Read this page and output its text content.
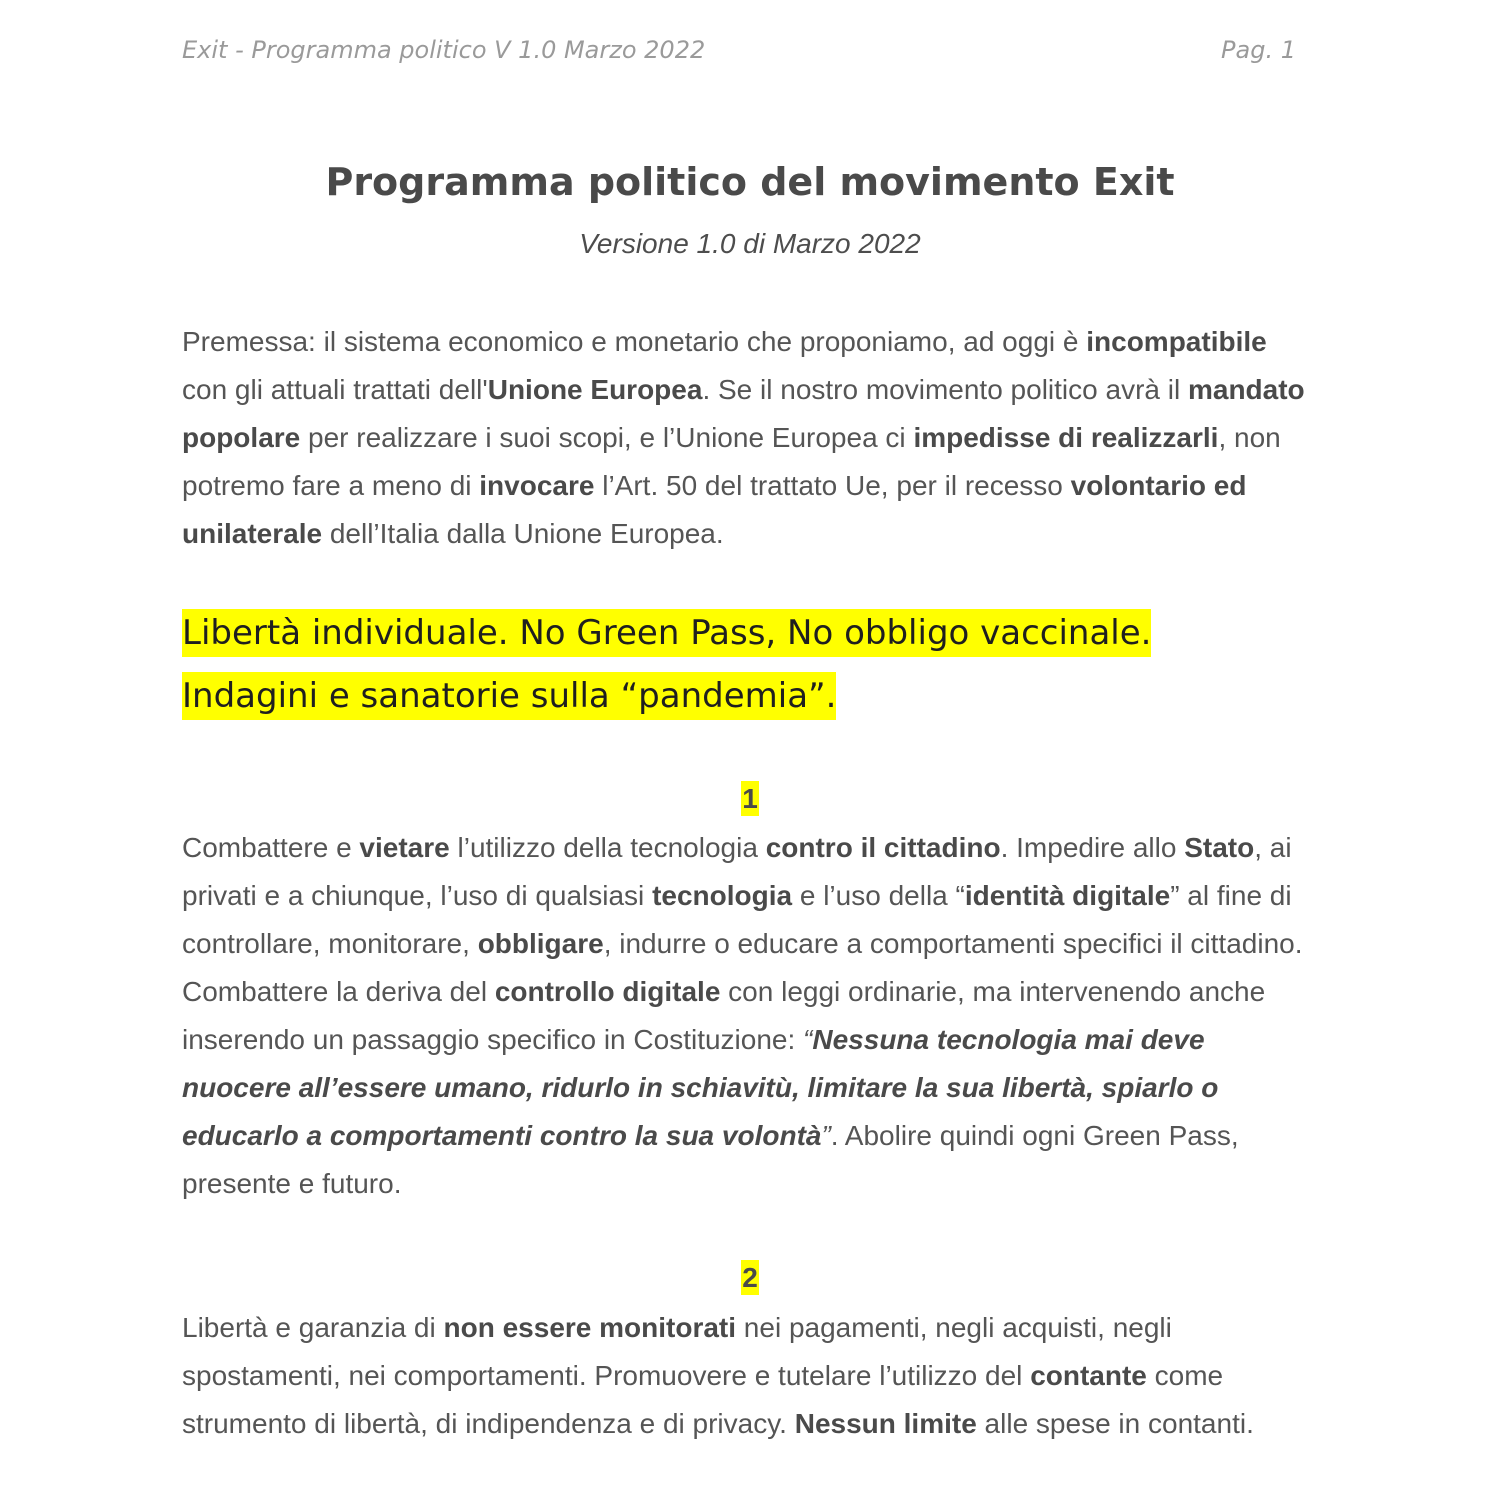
Exit - Programma politico V 1.0 Marzo 2022	Pag. 1
Programma politico del movimento Exit
Versione 1.0 di Marzo 2022
Premessa: il sistema economico e monetario che proponiamo, ad oggi è incompatibile con gli attuali trattati dell'Unione Europea. Se il nostro movimento politico avrà il mandato popolare per realizzare i suoi scopi, e l’Unione Europea ci impedisse di realizzarli, non potremo fare a meno di invocare l’Art. 50 del trattato Ue, per il recesso volontario ed unilaterale dell’Italia dalla Unione Europea.
Libertà individuale. No Green Pass, No obbligo vaccinale.
Indagini e sanatorie sulla “pandemia”.
1
Combattere e vietare l’utilizzo della tecnologia contro il cittadino. Impedire allo Stato, ai privati e a chiunque, l’uso di qualsiasi tecnologia e l’uso della “identità digitale” al fine di controllare, monitorare, obbligare, indurre o educare a comportamenti specifici il cittadino. Combattere la deriva del controllo digitale con leggi ordinarie, ma intervenendo anche inserendo un passaggio specifico in Costituzione: “Nessuna tecnologia mai deve nuocere all’essere umano, ridurlo in schiavitù, limitare la sua libertà, spiarlo o educarlo a comportamenti contro la sua volontà”. Abolire quindi ogni Green Pass, presente e futuro.
2
Libertà e garanzia di non essere monitorati nei pagamenti, negli acquisti, negli spostamenti, nei comportamenti. Promuovere e tutelare l’utilizzo del contante come strumento di libertà, di indipendenza e di privacy. Nessun limite alle spese in contanti.
